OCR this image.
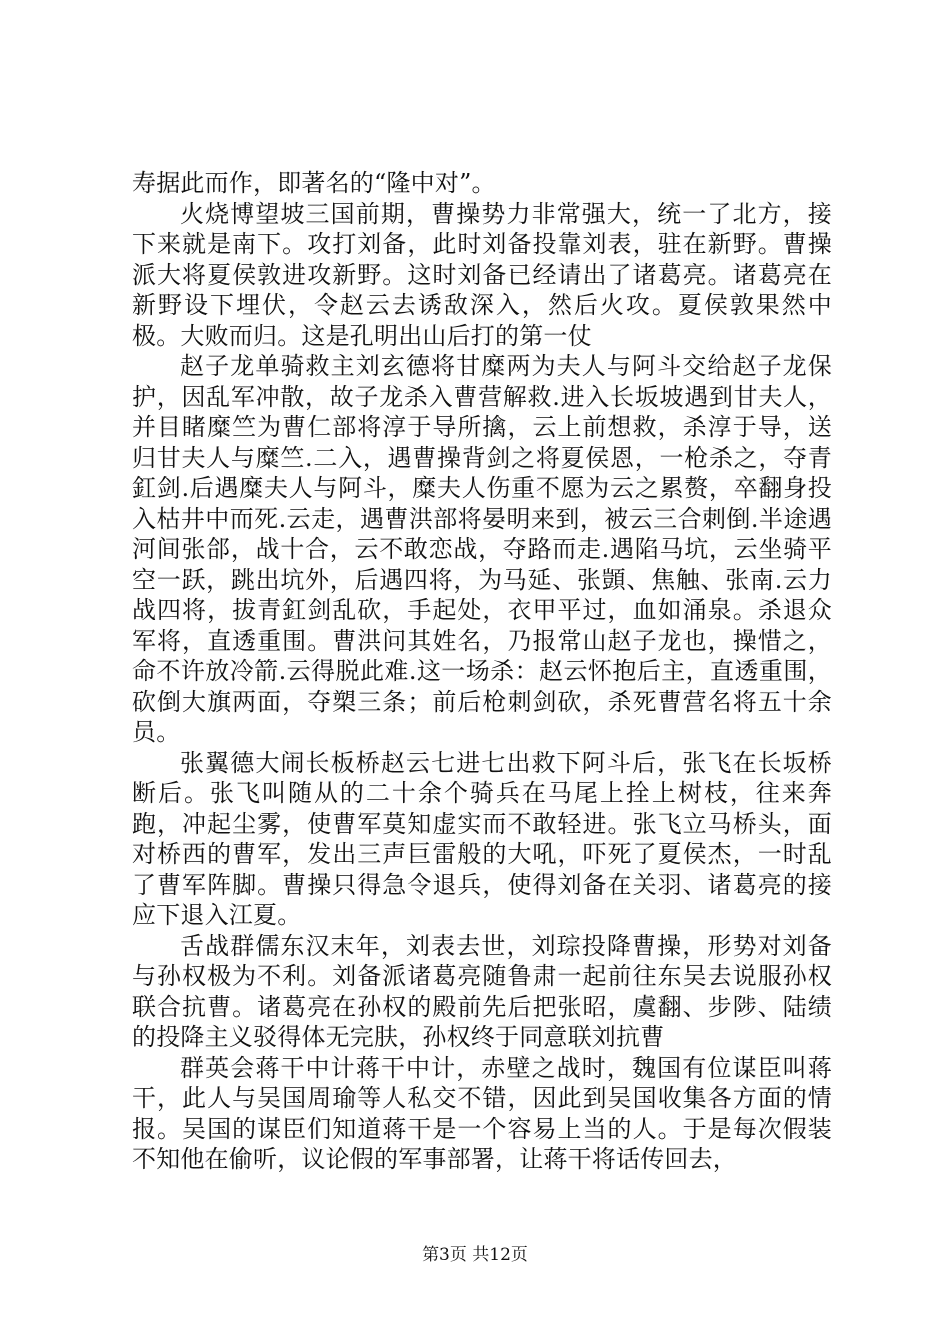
寿据此而作，即著名的“隆中对”。

火烧博望坡三国前期，曹操势力非常强大，统一了北方，接下来就是南下。攻打刘备，此时刘备投靠刘表，驻在新野。曹操派大将夏侯敦进攻新野。这时刘备已经请出了诸葛亮。诸葛亮在新野设下埋伏，令赵云去诱敌深入，然后火攻。夏侯敦果然中极。大败而归。这是孔明出山后打的第一仗

赵子龙单骑救主刘玄德将甘糜两为夫人与阿斗交给赵子龙保护，因乱军冲散，故子龙杀入曹营解救.进入长坂坡遇到甘夫人，并目睹糜竺为曹仁部将淳于导所擒，云上前想救，杀淳于导，送归甘夫人与糜竺.二入，遇曹操背剑之将夏侯恩，一枪杀之，夺青釭剑.后遇糜夫人与阿斗，糜夫人伤重不愿为云之累赘，卒翻身投入枯井中而死.云走，遇曹洪部将晏明来到，被云三合刺倒.半途遇河间张郃，战十合，云不敢恋战，夺路而走.遇陷马坑，云坐骑平空一跃，跳出坑外，后遇四将，为马延、张顗、焦触、张南.云力战四将，拔青釭剑乱砍，手起处，衣甲平过，血如涌泉。杀退众军将，直透重围。曹洪问其姓名，乃报常山赵子龙也，操惜之，命不许放冷箭.云得脱此难.这一场杀：赵云怀抱后主，直透重围，砍倒大旗两面，夺槊三条；前后枪刺剑砍，杀死曹营名将五十余员。

张翼德大闹长板桥赵云七进七出救下阿斗后，张飞在长坂桥断后。张飞叫随从的二十余个骑兵在马尾上拴上树枝，往来奔跑，冲起尘雾，使曹军莫知虚实而不敢轻进。张飞立马桥头，面对桥西的曹军，发出三声巨雷般的大吼，吓死了夏侯杰，一时乱了曹军阵脚。曹操只得急令退兵，使得刘备在关羽、诸葛亮的接应下退入江夏。

舌战群儒东汉末年，刘表去世，刘琮投降曹操，形势对刘备与孙权极为不利。刘备派诸葛亮随鲁肃一起前往东吴去说服孙权联合抗曹。诸葛亮在孙权的殿前先后把张昭，虞翻、步陟、陆绩的投降主义驳得体无完肤，孙权终于同意联刘抗曹

群英会蒋干中计蒋干中计，赤壁之战时，魏国有位谋臣叫蒋干，此人与吴国周瑜等人私交不错，因此到吴国收集各方面的情报。吴国的谋臣们知道蒋干是一个容易上当的人。于是每次假装不知他在偷听，议论假的军事部署，让蒋干将话传回去，

第3页 共12页
